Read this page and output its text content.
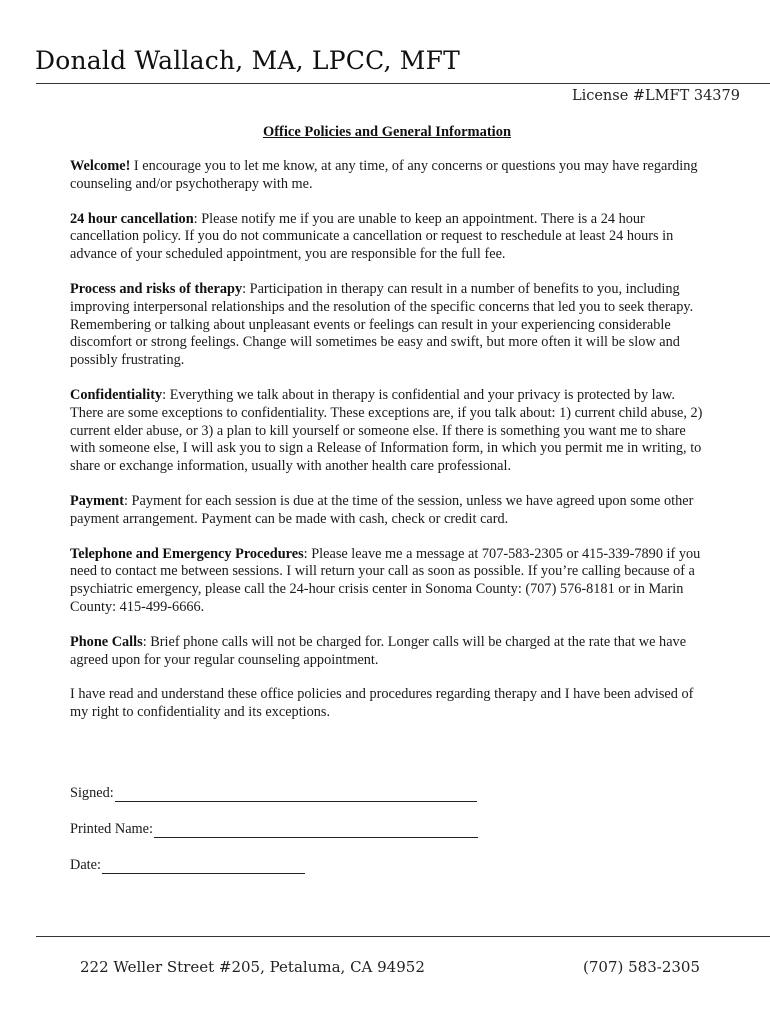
Donald Wallach, MA, LPCC, MFT
License #LMFT 34379
Office Policies and General Information

Welcome! I encourage you to let me know, at any time, of any concerns or questions you may have regarding counseling and/or psychotherapy with me.

24 hour cancellation: Please notify me if you are unable to keep an appointment. There is a 24 hour cancellation policy. If you do not communicate a cancellation or request to reschedule at least 24 hours in advance of your scheduled appointment, you are responsible for the full fee.

Process and risks of therapy: Participation in therapy can result in a number of benefits to you, including improving interpersonal relationships and the resolution of the specific concerns that led you to seek therapy. Remembering or talking about unpleasant events or feelings can result in your experiencing considerable discomfort or strong feelings. Change will sometimes be easy and swift, but more often it will be slow and possibly frustrating.

Confidentiality: Everything we talk about in therapy is confidential and your privacy is protected by law. There are some exceptions to confidentiality. These exceptions are, if you talk about: 1) current child abuse, 2) current elder abuse, or 3) a plan to kill yourself or someone else. If there is something you want me to share with someone else, I will ask you to sign a Release of Information form, in which you permit me in writing, to share or exchange information, usually with another health care professional.

Payment: Payment for each session is due at the time of the session, unless we have agreed upon some other payment arrangement. Payment can be made with cash, check or credit card.

Telephone and Emergency Procedures: Please leave me a message at 707-583-2305 or 415-339-7890 if you need to contact me between sessions. I will return your call as soon as possible. If you’re calling because of a psychiatric emergency, please call the 24-hour crisis center in Sonoma County: (707) 576-8181 or in Marin County: 415-499-6666.

Phone Calls: Brief phone calls will not be charged for. Longer calls will be charged at the rate that we have agreed upon for your regular counseling appointment.

I have read and understand these office policies and procedures regarding therapy and I have been advised of my right to confidentiality and its exceptions.

Signed:
Printed Name:
Date:
222 Weller Street #205, Petaluma, CA 94952	(707) 583-2305
